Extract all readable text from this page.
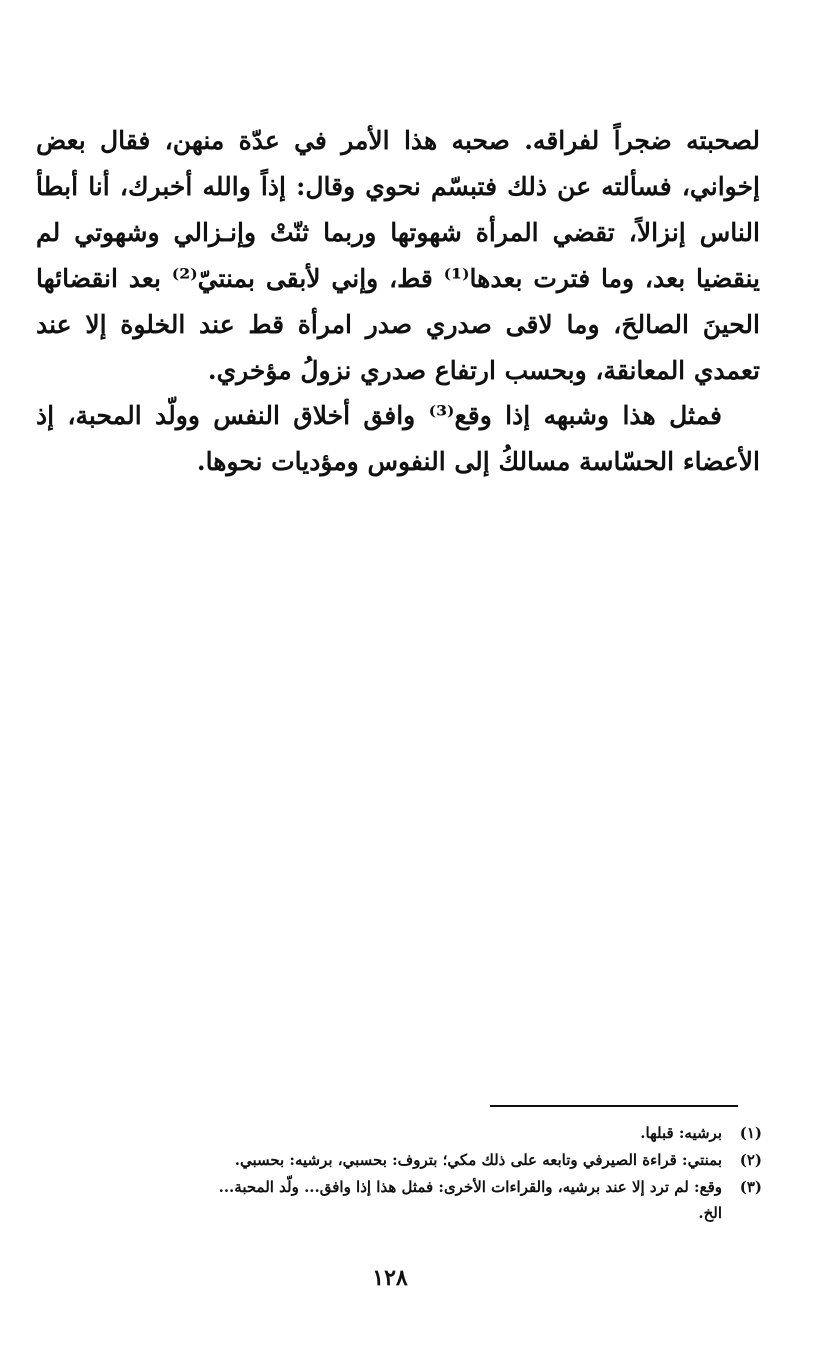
لصحبته ضجراً لفراقه. صحبه هذا الأمر في عدّة منهن، فقال بعض
إخواني، فسألته عن ذلك فتبسّم نحوي وقال: إذاً والله أخبرك، أنا أبطأ
الناس إنزالاً، تقضي المرأة شهوتها وربما ثنّتْ وإنـزالي وشهوتي لم
ينقضيا بعد، وما فترت بعدها⁽¹⁾ قط، وإني لأبقى بمنتيّ⁽²⁾ بعد انقضائها
الحينَ الصالحَ، وما لاقى صدري صدر امرأة قط عند الخلوة إلا عند
تعمدي المعانقة، وبحسب ارتفاع صدري نزولُ مؤخري.
فمثل هذا وشبهه إذا وقع⁽³⁾ وافق أخلاق النفس وولّد المحبة، إذ
الأعضاء الحسّاسة مسالكُ إلى النفوس ومؤديات نحوها.
(١)
برشيه: قبلها.
(٢)
بمنتي: قراءة الصيرفي وتابعه على ذلك مكي؛ بتروف: بحسبي، برشيه: بحسبي.
(٣)
وقع: لم ترد إلا عند برشيه، والقراءات الأخرى: فمثل هذا إذا وافق... ولّد المحبة...
الخ.
١٢٨
